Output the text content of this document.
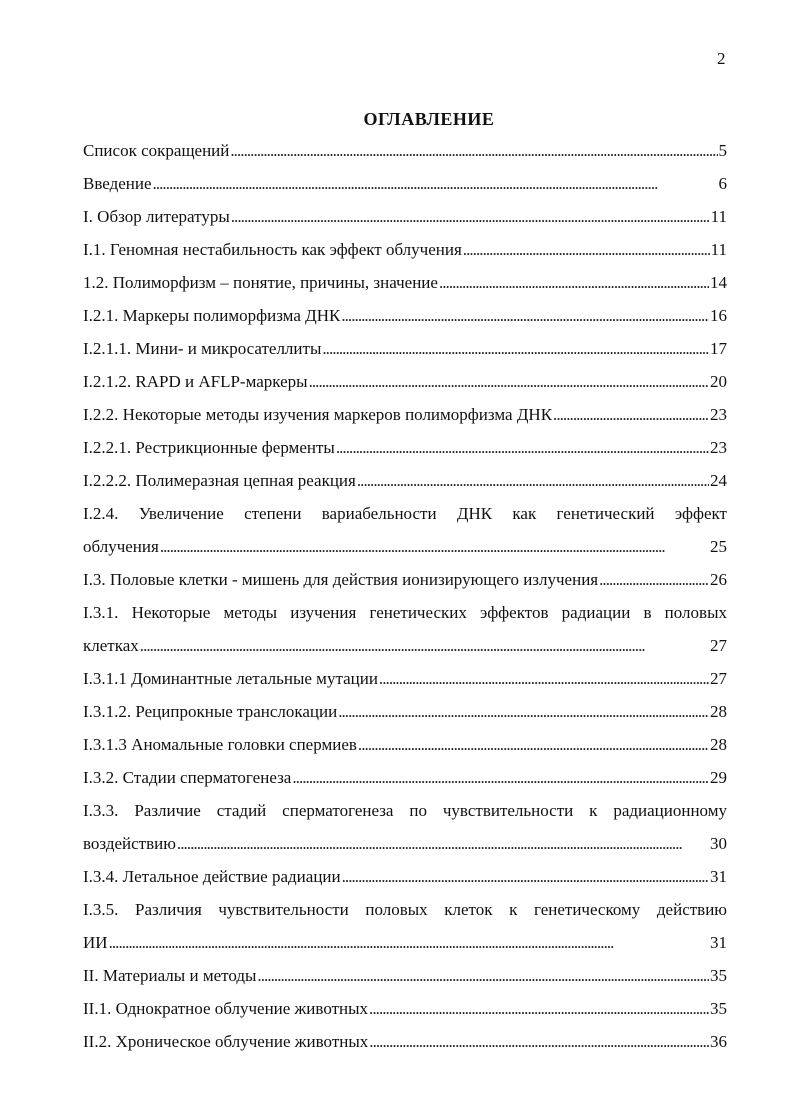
2
ОГЛАВЛЕНИЕ
Список сокращений . . .	5
Введение . . .	6
I. Обзор литературы . . .	11
I.1. Геномная нестабильность как эффект облучения . . .	11
1.2. Полиморфизм – понятие, причины, значение . . .	14
I.2.1. Маркеры полиморфизма ДНК . . .	16
I.2.1.1. Мини- и микросателлиты . . .	17
I.2.1.2. RAPD и AFLP-маркеры . . .	20
I.2.2. Некоторые методы изучения маркеров полиморфизма ДНК . . .	23
I.2.2.1. Рестрикционные ферменты . . .	23
I.2.2.2. Полимеразная цепная реакция . . .	24
I.2.4. Увеличение степени вариабельности ДНК как генетический эффект
облучения . . .	25
I.3. Половые клетки - мишень для действия ионизирующего излучения . . .	26
I.3.1. Некоторые методы изучения генетических эффектов радиации в половых
клетках . . .	27
I.3.1.1 Доминантные летальные мутации . . .	27
I.3.1.2. Реципрокные транслокации . . .	28
I.3.1.3 Аномальные головки спермиев . . .	28
I.3.2. Стадии сперматогенеза . . .	29
I.3.3. Различие стадий сперматогенеза по чувствительности к радиационному
воздействию . . .	30
I.3.4. Летальное действие радиации . . .	31
I.3.5. Различия чувствительности половых клеток к генетическому действию
ИИ . . .	31
II. Материалы и методы . . .	35
II.1. Однократное облучение животных . . .	35
II.2. Хроническое облучение животных . . .	36
